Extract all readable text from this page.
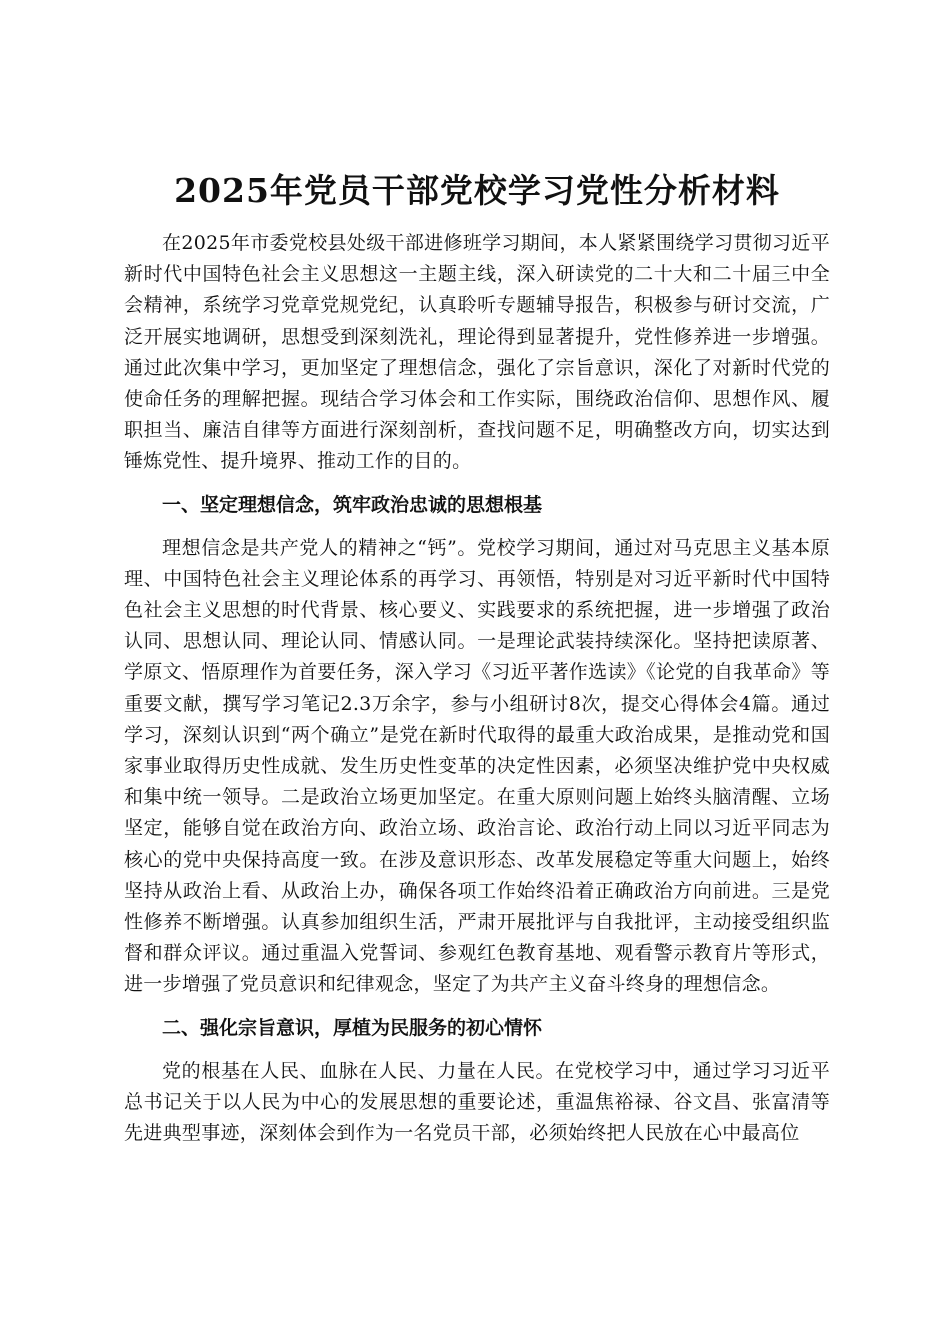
2025年党员干部党校学习党性分析材料

在2025年市委党校县处级干部进修班学习期间，本人紧紧围绕学习贯彻习近平新时代中国特色社会主义思想这一主题主线，深入研读党的二十大和二十届三中全会精神，系统学习党章党规党纪，认真聆听专题辅导报告，积极参与研讨交流，广泛开展实地调研，思想受到深刻洗礼，理论得到显著提升，党性修养进一步增强。通过此次集中学习，更加坚定了理想信念，强化了宗旨意识，深化了对新时代党的使命任务的理解把握。现结合学习体会和工作实际，围绕政治信仰、思想作风、履职担当、廉洁自律等方面进行深刻剖析，查找问题不足，明确整改方向，切实达到锤炼党性、提升境界、推动工作的目的。

一、坚定理想信念，筑牢政治忠诚的思想根基

理想信念是共产党人的精神之“钙”。党校学习期间，通过对马克思主义基本原理、中国特色社会主义理论体系的再学习、再领悟，特别是对习近平新时代中国特色社会主义思想的时代背景、核心要义、实践要求的系统把握，进一步增强了政治认同、思想认同、理论认同、情感认同。一是理论武装持续深化。坚持把读原著、学原文、悟原理作为首要任务，深入学习《习近平著作选读》《论党的自我革命》等重要文献，撰写学习笔记2.3万余字，参与小组研讨8次，提交心得体会4篇。通过学习，深刻认识到“两个确立”是党在新时代取得的最重大政治成果，是推动党和国家事业取得历史性成就、发生历史性变革的决定性因素，必须坚决维护党中央权威和集中统一领导。二是政治立场更加坚定。在重大原则问题上始终头脑清醒、立场坚定，能够自觉在政治方向、政治立场、政治言论、政治行动上同以习近平同志为核心的党中央保持高度一致。在涉及意识形态、改革发展稳定等重大问题上，始终坚持从政治上看、从政治上办，确保各项工作始终沿着正确政治方向前进。三是党性修养不断增强。认真参加组织生活，严肃开展批评与自我批评，主动接受组织监督和群众评议。通过重温入党誓词、参观红色教育基地、观看警示教育片等形式，进一步增强了党员意识和纪律观念，坚定了为共产主义奋斗终身的理想信念。

二、强化宗旨意识，厚植为民服务的初心情怀

党的根基在人民、血脉在人民、力量在人民。在党校学习中，通过学习习近平总书记关于以人民为中心的发展思想的重要论述，重温焦裕禄、谷文昌、张富清等先进典型事迹，深刻体会到作为一名党员干部，必须始终把人民放在心中最高位
